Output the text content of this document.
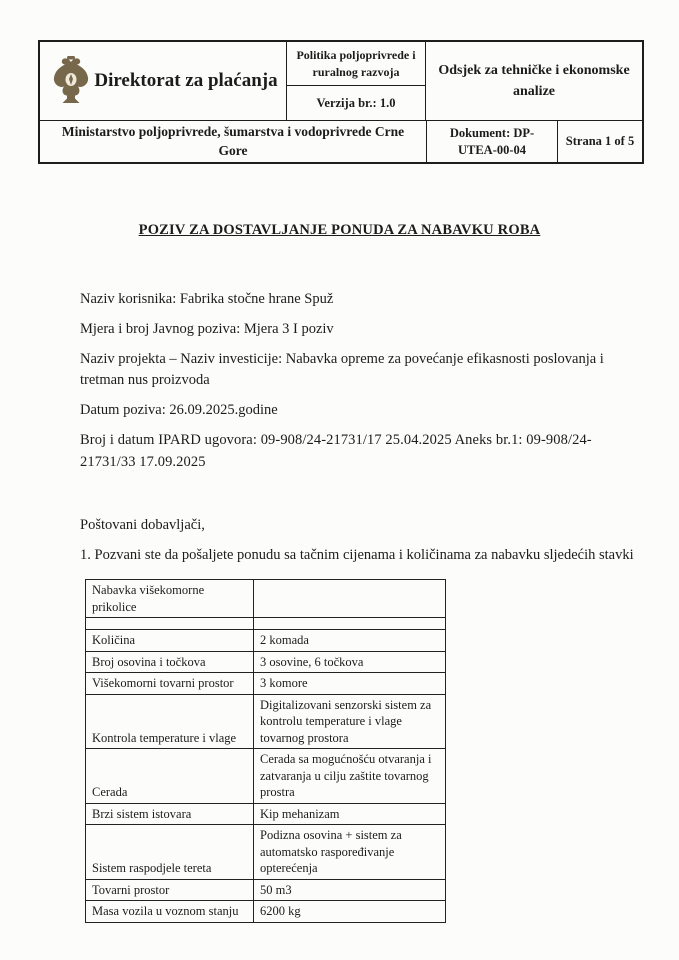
Direktorat za plaćanja
Politika poljoprivrede i ruralnog razvoja
Verzija br.: 1.0
Odsjek za tehničke i ekonomske analize
Ministarstvo poljoprivrede, šumarstva i vodoprivrede Crne Gore
Dokument: DP-UTEA-00-04
Strana 1 of 5
POZIV ZA DOSTAVLJANJE PONUDA ZA NABAVKU ROBA

Naziv korisnika: Fabrika stočne hrane Spuž

Mjera i broj Javnog poziva: Mjera 3 I poziv

Naziv projekta – Naziv investicije: Nabavka opreme za povećanje efikasnosti poslovanja i tretman nus proizvoda

Datum poziva: 26.09.2025.godine

Broj i datum IPARD ugovora: 09-908/24-21731/17 25.04.2025 Aneks br.1: 09-908/24-21731/33 17.09.2025

Poštovani dobavljači,

1. Pozvani ste da pošaljete ponudu sa tačnim cijenama i količinama za nabavku sljedećih stavki

Nabavka višekomorne prikolice	

Količina	2 komada
Broj osovina i točkova	3 osovine, 6 točkova
Višekomorni tovarni prostor	3 komore
Kontrola temperature i vlage	Digitalizovani senzorski sistem za kontrolu temperature i vlage tovarnog prostora
Cerada	Cerada sa mogućnošću otvaranja i zatvaranja u cilju zaštite tovarnog prostra
Brzi sistem istovara	Kip mehanizam
Sistem raspodjele tereta	Podizna osovina + sistem za automatsko raspoređivanje opterećenja
Tovarni prostor	50 m3
Masa vozila u voznom stanju	6200 kg
